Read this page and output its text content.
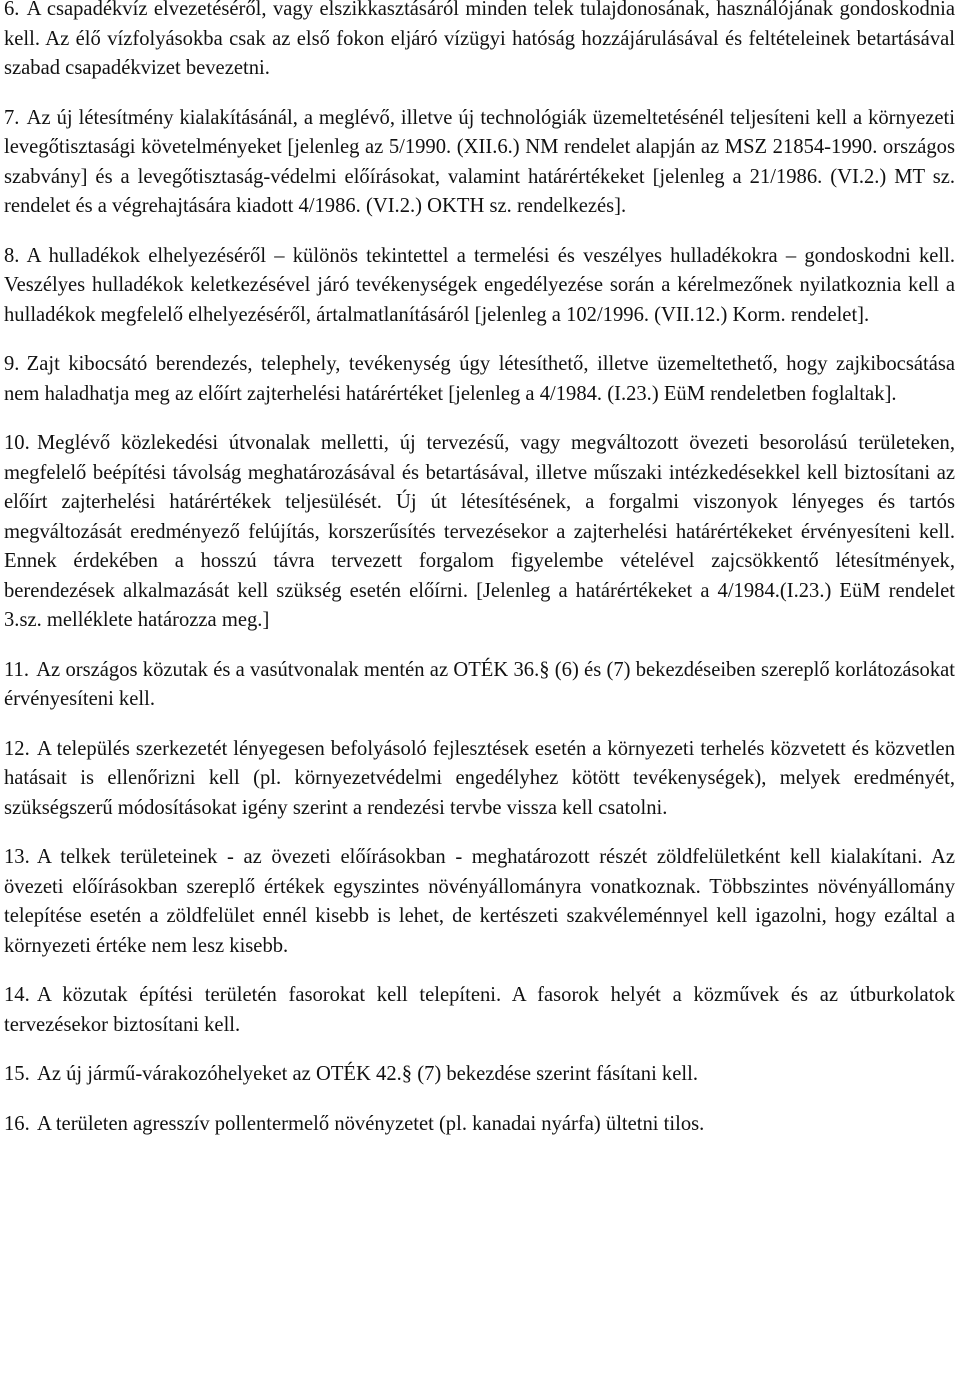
6. A csapadékvíz elvezetéséről, vagy elszikkasztásáról minden telek tulajdonosának, használójának gondoskodnia kell. Az élő vízfolyásokba csak az első fokon eljáró vízügyi hatóság hozzájárulásával és feltételeinek betartásával szabad csapadékvizet bevezetni.

7. Az új létesítmény kialakításánál, a meglévő, illetve új technológiák üzemeltetésénél teljesíteni kell a környezeti levegőtisztasági követelményeket [jelenleg az 5/1990. (XII.6.) NM rendelet alapján az MSZ 21854-1990. országos szabvány] és a levegőtisztaság-védelmi előírásokat, valamint határértékeket [jelenleg a 21/1986. (VI.2.) MT sz. rendelet és a végrehajtására kiadott 4/1986. (VI.2.) OKTH sz. rendelkezés].

8. A hulladékok elhelyezéséről – különös tekintettel a termelési és veszélyes hulladékokra – gondoskodni kell. Veszélyes hulladékok keletkezésével járó tevékenységek engedélyezése során a kérelmezőnek nyilatkoznia kell a hulladékok megfelelő elhelyezéséről, ártalmatlanításáról [jelenleg a 102/1996. (VII.12.) Korm. rendelet].

9. Zajt kibocsátó berendezés, telephely, tevékenység úgy létesíthető, illetve üzemeltethető, hogy zajkibocsátása nem haladhatja meg az előírt zajterhelési határértéket [jelenleg a 4/1984. (I.23.) EüM rendeletben foglaltak].

10. Meglévő közlekedési útvonalak melletti, új tervezésű, vagy megváltozott övezeti besorolású területeken, megfelelő beépítési távolság meghatározásával és betartásával, illetve műszaki intézkedésekkel kell biztosítani az előírt zajterhelési határértékek teljesülését. Új út létesítésének, a forgalmi viszonyok lényeges és tartós megváltozását eredményező felújítás, korszerűsítés tervezésekor a zajterhelési határértékeket érvényesíteni kell. Ennek érdekében a hosszú távra tervezett forgalom figyelembe vételével zajcsökkentő létesítmények, berendezések alkalmazását kell szükség esetén előírni. [Jelenleg a határértékeket a 4/1984.(I.23.) EüM rendelet 3.sz. melléklete határozza meg.]

11. Az országos közutak és a vasútvonalak mentén az OTÉK 36.§ (6) és (7) bekezdéseiben szereplő korlátozásokat érvényesíteni kell.

12. A település szerkezetét lényegesen befolyásoló fejlesztések esetén a környezeti terhelés közvetett és közvetlen hatásait is ellenőrizni kell (pl. környezetvédelmi engedélyhez kötött tevékenységek), melyek eredményét, szükségszerű módosításokat igény szerint a rendezési tervbe vissza kell csatolni.

13. A telkek területeinek - az övezeti előírásokban - meghatározott részét zöldfelületként kell kialakítani. Az övezeti előírásokban szereplő értékek egyszintes növényállományra vonatkoznak. Többszintes növényállomány telepítése esetén a zöldfelület ennél kisebb is lehet, de kertészeti szakvéleménnyel kell igazolni, hogy ezáltal a környezeti értéke nem lesz kisebb.

14. A közutak építési területén fasorokat kell telepíteni. A fasorok helyét a közművek és az útburkolatok tervezésekor biztosítani kell.

15. Az új jármű-várakozóhelyeket az OTÉK 42.§ (7) bekezdése szerint fásítani kell.

16. A területen agresszív pollentermelő növényzetet (pl. kanadai nyárfa) ültetni tilos.
